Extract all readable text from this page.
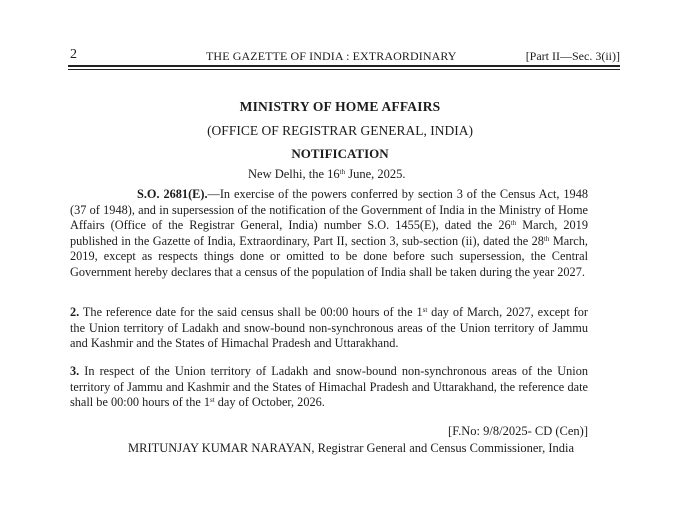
2	THE GAZETTE OF INDIA : EXTRAORDINARY	[Part II—Sec. 3(ii)]
MINISTRY OF HOME AFFAIRS
(OFFICE OF REGISTRAR GENERAL, INDIA)
NOTIFICATION
New Delhi, the 16th June, 2025.

S.O. 2681(E).—In exercise of the powers conferred by section 3 of the Census Act, 1948 (37 of 1948), and in supersession of the notification of the Government of India in the Ministry of Home Affairs (Office of the Registrar General, India) number S.O. 1455(E), dated the 26th March, 2019 published in the Gazette of India, Extraordinary, Part II, section 3, sub-section (ii), dated the 28th March, 2019, except as respects things done or omitted to be done before such supersession, the Central Government hereby declares that a census of the population of India shall be taken during the year 2027.

2. The reference date for the said census shall be 00:00 hours of the 1st day of March, 2027, except for the Union territory of Ladakh and snow-bound non-synchronous areas of the Union territory of Jammu and Kashmir and the States of Himachal Pradesh and Uttarakhand.

3. In respect of the Union territory of Ladakh and snow-bound non-synchronous areas of the Union territory of Jammu and Kashmir and the States of Himachal Pradesh and Uttarakhand, the reference date shall be 00:00 hours of the 1st day of October, 2026.

[F.No: 9/8/2025- CD (Cen)]
MRITUNJAY KUMAR NARAYAN, Registrar General and Census Commissioner, India
